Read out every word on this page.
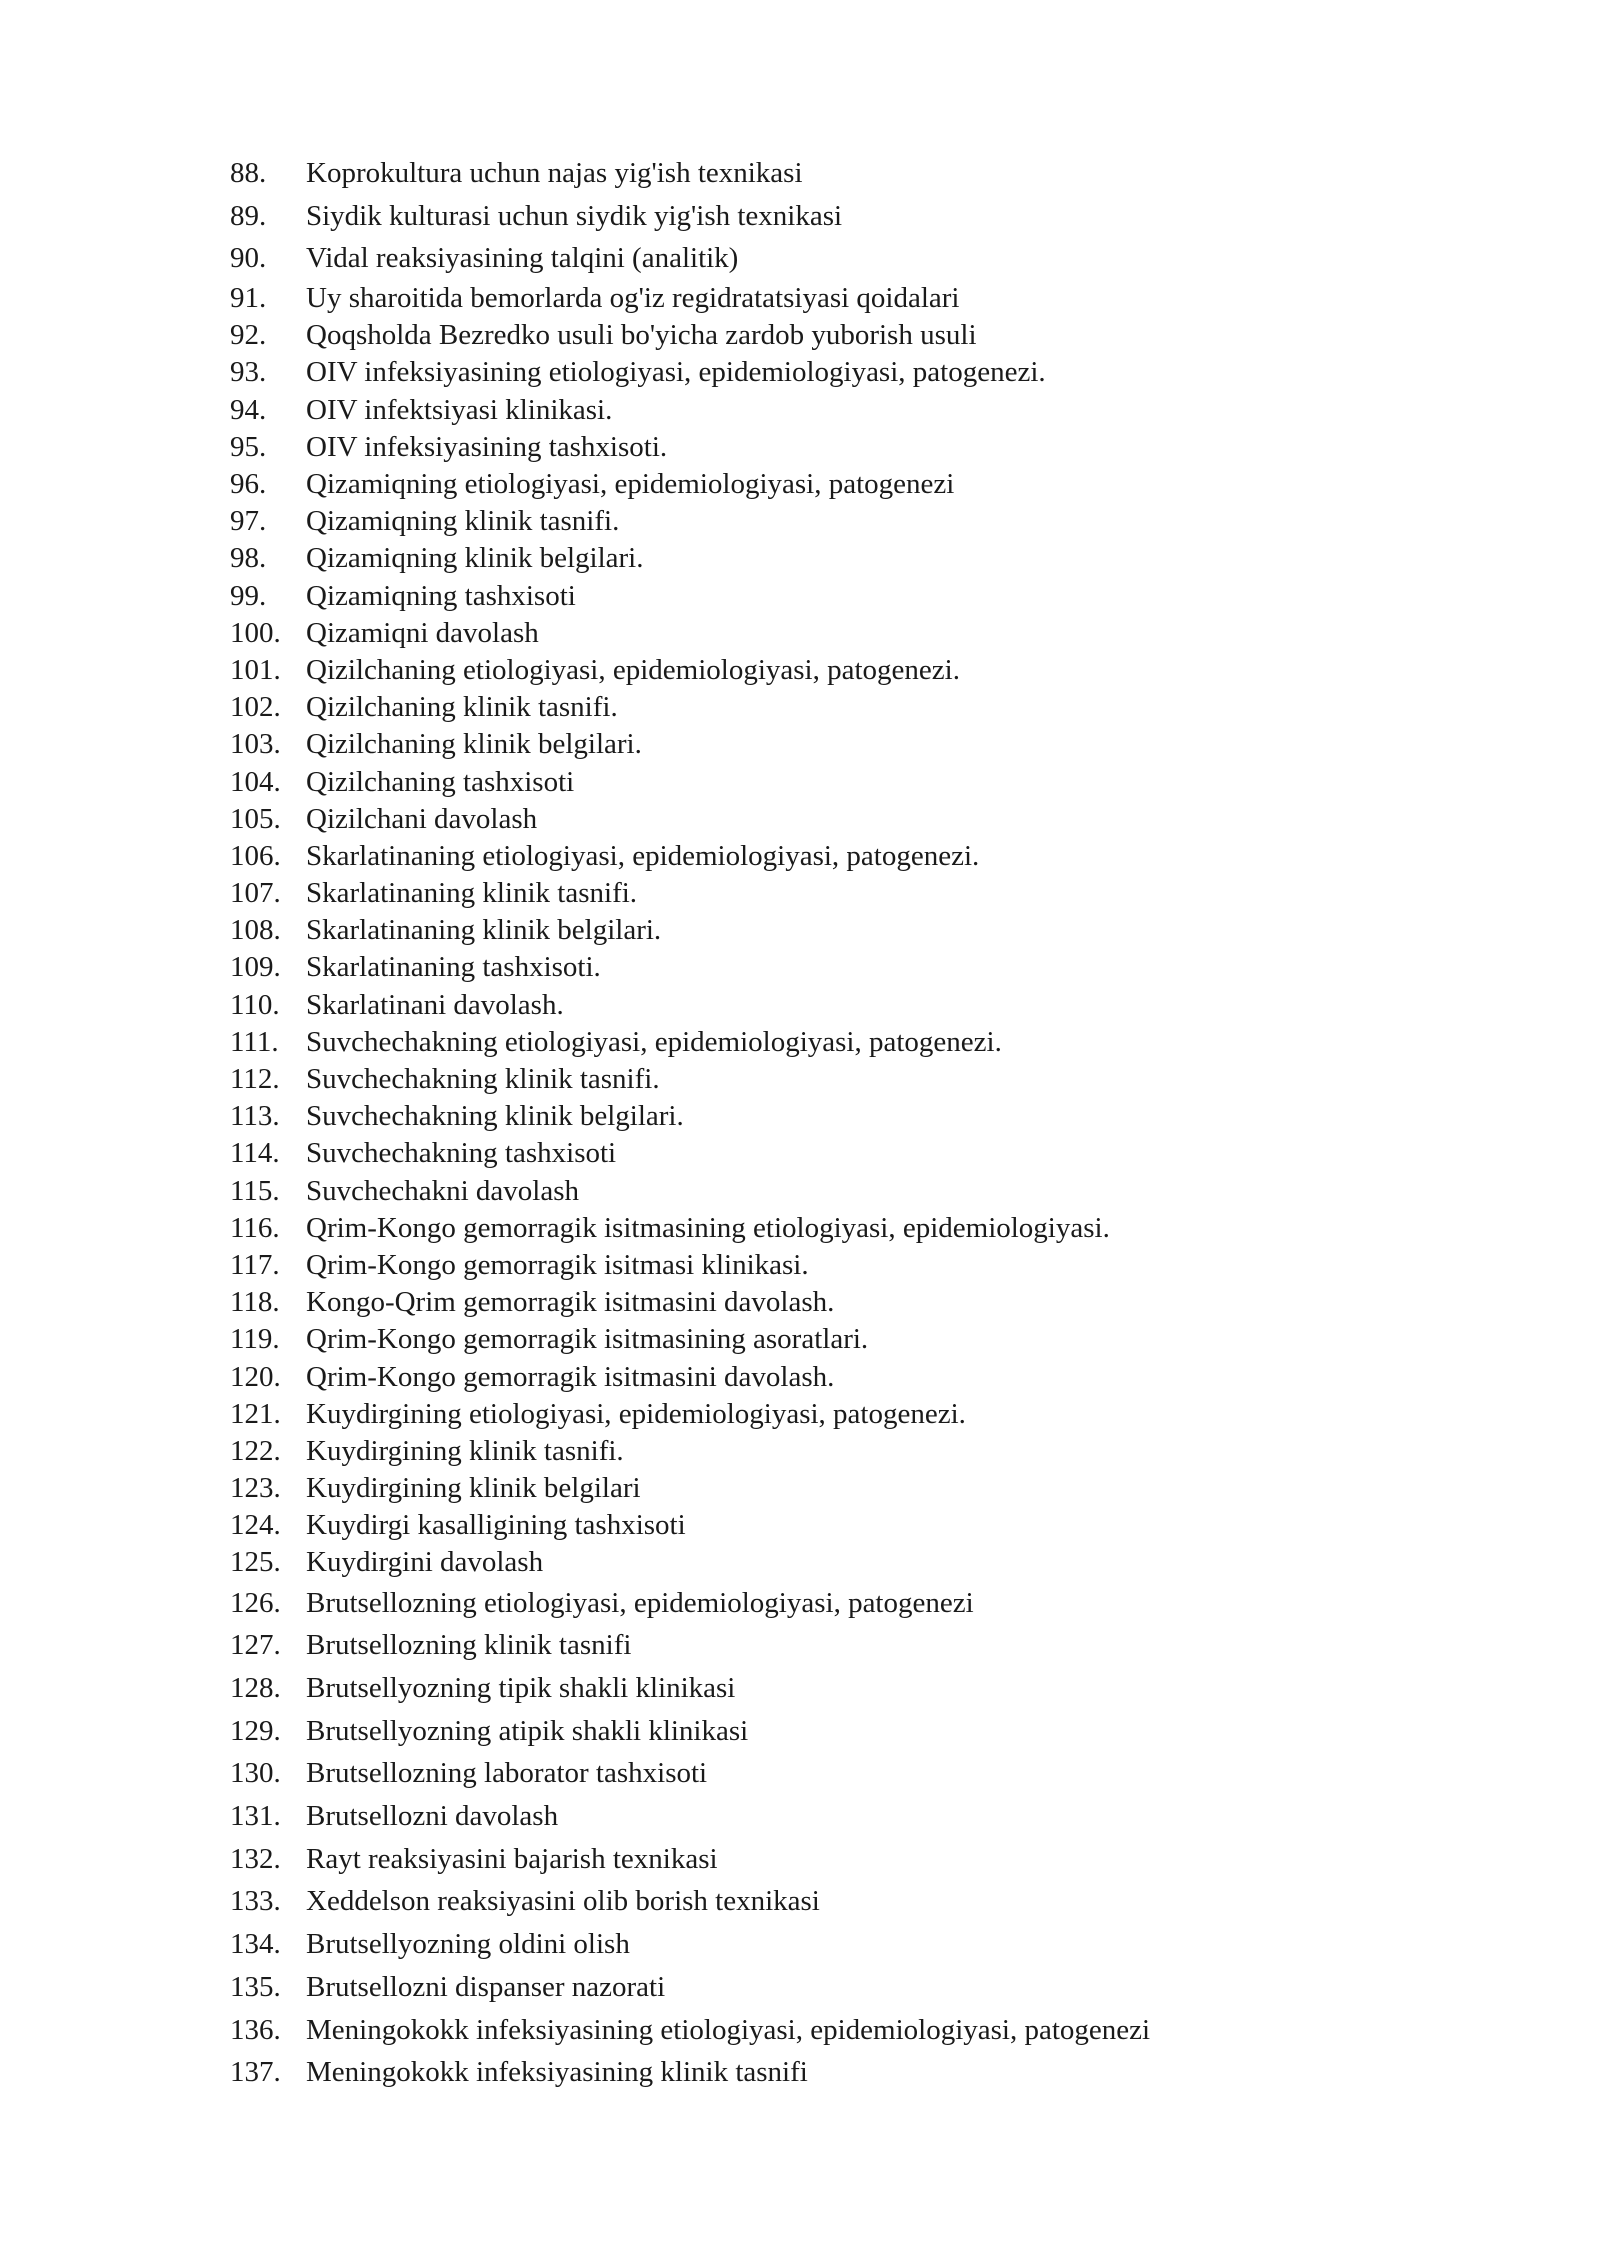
88.	Koprokultura uchun najas yig'ish texnikasi
89.	Siydik kulturasi uchun siydik yig'ish texnikasi
90.	Vidal reaksiyasining talqini (analitik)
91.	Uy sharoitida bemorlarda og'iz regidratatsiyasi qoidalari
92.	Qoqsholda Bezredko usuli bo'yicha zardob yuborish usuli
93.	OIV infeksiyasining etiologiyasi, epidemiologiyasi, patogenezi.
94.	OIV infektsiyasi klinikasi.
95.	OIV infeksiyasining tashxisoti.
96.	Qizamiqning etiologiyasi, epidemiologiyasi, patogenezi
97.	Qizamiqning klinik tasnifi.
98.	Qizamiqning klinik belgilari.
99.	Qizamiqning tashxisoti
100. Qizamiqni davolash
101. Qizilchaning etiologiyasi, epidemiologiyasi, patogenezi.
102. Qizilchaning klinik tasnifi.
103. Qizilchaning klinik belgilari.
104. Qizilchaning tashxisoti
105. Qizilchani davolash
106. Skarlatinaning etiologiyasi, epidemiologiyasi, patogenezi.
107. Skarlatinaning klinik tasnifi.
108. Skarlatinaning klinik belgilari.
109. Skarlatinaning tashxisoti.
110. Skarlatinani davolash.
111. Suvchechakning etiologiyasi, epidemiologiyasi, patogenezi.
112. Suvchechakning klinik tasnifi.
113. Suvchechakning klinik belgilari.
114. Suvchechakning tashxisoti
115. Suvchechakni davolash
116. Qrim-Kongo gemorragik isitmasining etiologiyasi, epidemiologiyasi.
117. Qrim-Kongo gemorragik isitmasi klinikasi.
118. Kongo-Qrim gemorragik isitmasini davolash.
119. Qrim-Kongo gemorragik isitmasining asoratlari.
120. Qrim-Kongo gemorragik isitmasini davolash.
121. Kuydirgining etiologiyasi, epidemiologiyasi, patogenezi.
122. Kuydirgining klinik tasnifi.
123. Kuydirgining klinik belgilari
124. Kuydirgi kasalligining tashxisoti
125. Kuydirgini davolash
126. Brutsellozning etiologiyasi, epidemiologiyasi, patogenezi
127. Brutsellozning klinik tasnifi
128. Brutsellyozning tipik shakli klinikasi
129. Brutsellyozning atipik shakli klinikasi
130. Brutsellozning laborator tashxisoti
131. Brutsellozni davolash
132. Rayt reaksiyasini bajarish texnikasi
133. Xeddelson reaksiyasini olib borish texnikasi
134. Brutsellyozning oldini olish
135. Brutsellozni dispanser nazorati
136. Meningokokk infeksiyasining etiologiyasi, epidemiologiyasi, patogenezi
137. Meningokokk infeksiyasining klinik tasnifi
